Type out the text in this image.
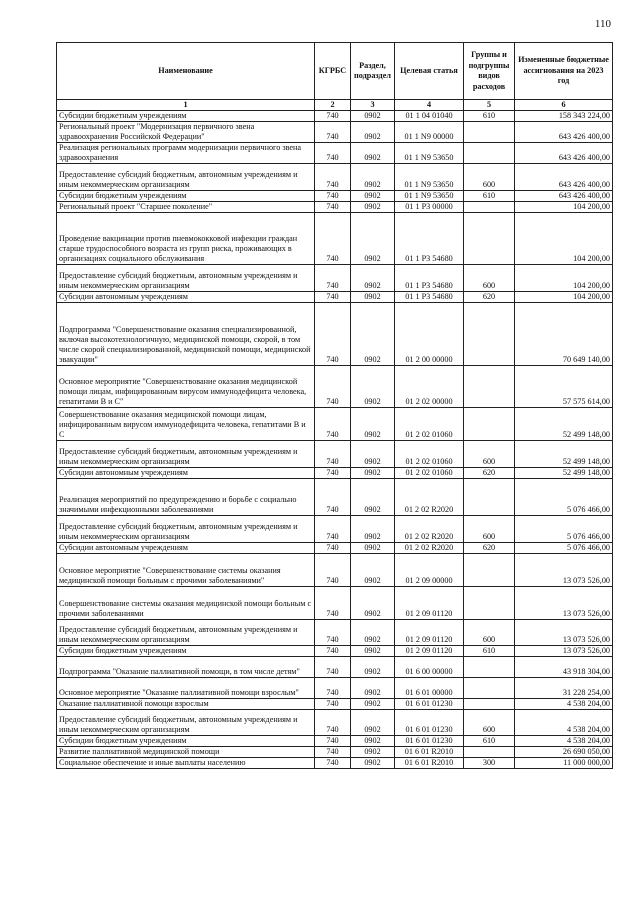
110
Наименование	КГРБС	Раздел, подраздел	Целевая статья	Группы и подгруппы видов расходов	Измененные бюджетные ассигнования на 2023 год
1	2	3	4	5	6
Субсидии бюджетным учреждениям	740	0902	01 1 04 01040	610	158 343 224,00
Региональный проект "Модернизация первичного звена здравоохранения Российской Федерации"	740	0902	01 1 N9 00000		643 426 400,00
Реализация региональных программ модернизации первичного звена здравоохранения	740	0902	01 1 N9 53650		643 426 400,00
Предоставление субсидий бюджетным, автономным учреждениям и иным некоммерческим организациям	740	0902	01 1 N9 53650	600	643 426 400,00
Субсидии бюджетным учреждениям	740	0902	01 1 N9 53650	610	643 426 400,00
Региональный проект "Старшее поколение"	740	0902	01 1 P3 00000		104 200,00
Проведение вакцинации против пневмококковой инфекции граждан старше трудоспособного возраста из групп риска, проживающих в организациях социального обслуживания	740	0902	01 1 P3 54680		104 200,00
Предоставление субсидий бюджетным, автономным учреждениям и иным некоммерческим организациям	740	0902	01 1 P3 54680	600	104 200,00
Субсидии автономным учреждениям	740	0902	01 1 P3 54680	620	104 200,00
Подпрограмма "Совершенствование оказания специализированной, включая высокотехнологичную, медицинской помощи, скорой, в том числе скорой специализированной, медицинской помощи, медицинской эвакуации"	740	0902	01 2 00 00000		70 649 140,00
Основное мероприятие "Совершенствование оказания медицинской помощи лицам, инфицированным вирусом иммунодефицита человека, гепатитами В и С"	740	0902	01 2 02 00000		57 575 614,00
Совершенствование оказания медицинской помощи лицам, инфицированным вирусом иммунодефицита человека, гепатитами В и С	740	0902	01 2 02 01060		52 499 148,00
Предоставление субсидий бюджетным, автономным учреждениям и иным некоммерческим организациям	740	0902	01 2 02 01060	600	52 499 148,00
Субсидии автономным учреждениям	740	0902	01 2 02 01060	620	52 499 148,00
Реализация мероприятий по предупреждению и борьбе с социально значимыми инфекционными заболеваниями	740	0902	01 2 02 R2020		5 076 466,00
Предоставление субсидий бюджетным, автономным учреждениям и иным некоммерческим организациям	740	0902	01 2 02 R2020	600	5 076 466,00
Субсидии автономным учреждениям	740	0902	01 2 02 R2020	620	5 076 466,00
Основное мероприятие "Совершенствование системы оказания медицинской помощи больным с прочими заболеваниями"	740	0902	01 2 09 00000		13 073 526,00
Совершенствование системы оказания медицинской помощи больным с прочими заболеваниями	740	0902	01 2 09 01120		13 073 526,00
Предоставление субсидий бюджетным, автономным учреждениям и иным некоммерческим организациям	740	0902	01 2 09 01120	600	13 073 526,00
Субсидии бюджетным учреждениям	740	0902	01 2 09 01120	610	13 073 526,00
Подпрограмма "Оказание паллиативной помощи, в том числе детям"	740	0902	01 6 00 00000		43 918 304,00
Основное мероприятие "Оказание паллиативной помощи взрослым"	740	0902	01 6 01 00000		31 228 254,00
Оказание паллиативной помощи взрослым	740	0902	01 6 01 01230		4 538 204,00
Предоставление субсидий бюджетным, автономным учреждениям и иным некоммерческим организациям	740	0902	01 6 01 01230	600	4 538 204,00
Субсидии бюджетным учреждениям	740	0902	01 6 01 01230	610	4 538 204,00
Развитие паллиативной медицинской помощи	740	0902	01 6 01 R2010		26 690 050,00
Социальное обеспечение и иные выплаты населению	740	0902	01 6 01 R2010	300	11 000 000,00
